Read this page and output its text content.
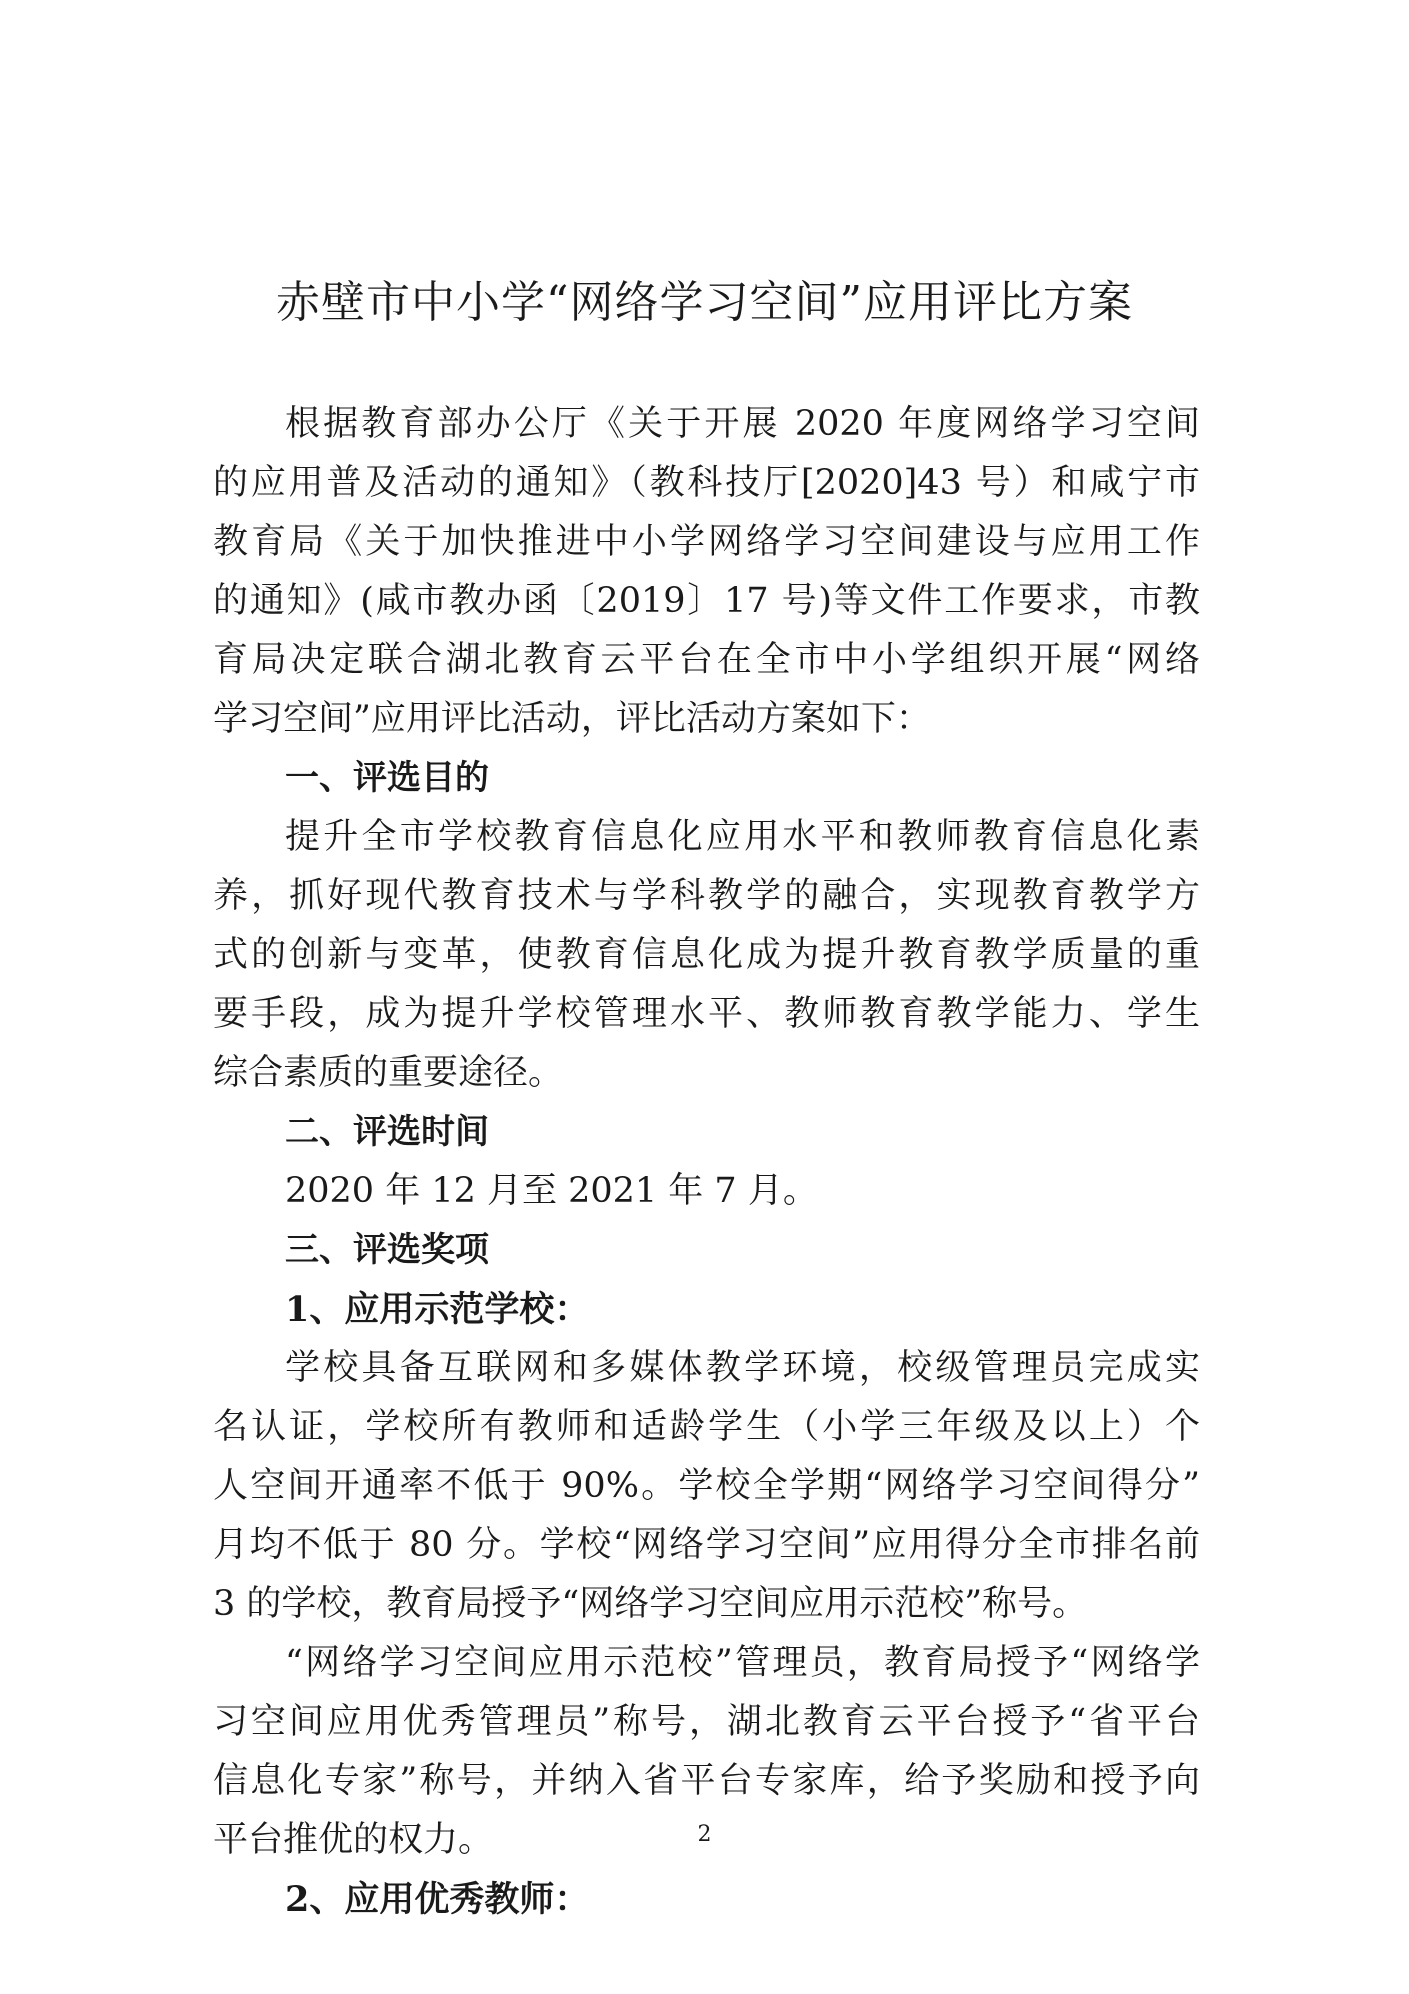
赤壁市中小学“网络学习空间”应用评比方案
根据教育部办公厅《关于开展 2020 年度网络学习空间
的应用普及活动的通知》（教科技厅[2020]43 号）和咸宁市
教育局《关于加快推进中小学网络学习空间建设与应用工作
的通知》(咸市教办函〔2019〕17 号)等文件工作要求，市教
育局决定联合湖北教育云平台在全市中小学组织开展“网络
学习空间”应用评比活动，评比活动方案如下：
一、评选目的
提升全市学校教育信息化应用水平和教师教育信息化素
养，抓好现代教育技术与学科教学的融合，实现教育教学方
式的创新与变革，使教育信息化成为提升教育教学质量的重
要手段，成为提升学校管理水平、教师教育教学能力、学生
综合素质的重要途径。
二、评选时间
2020 年 12 月至 2021 年 7 月。
三、评选奖项
1、应用示范学校：
学校具备互联网和多媒体教学环境，校级管理员完成实
名认证，学校所有教师和适龄学生（小学三年级及以上）个
人空间开通率不低于 90%。学校全学期“网络学习空间得分”
月均不低于 80 分。学校“网络学习空间”应用得分全市排名前
3 的学校，教育局授予“网络学习空间应用示范校”称号。
“网络学习空间应用示范校”管理员，教育局授予“网络学
习空间应用优秀管理员”称号，湖北教育云平台授予“省平台
信息化专家”称号，并纳入省平台专家库，给予奖励和授予向
平台推优的权力。
2、应用优秀教师：
2
